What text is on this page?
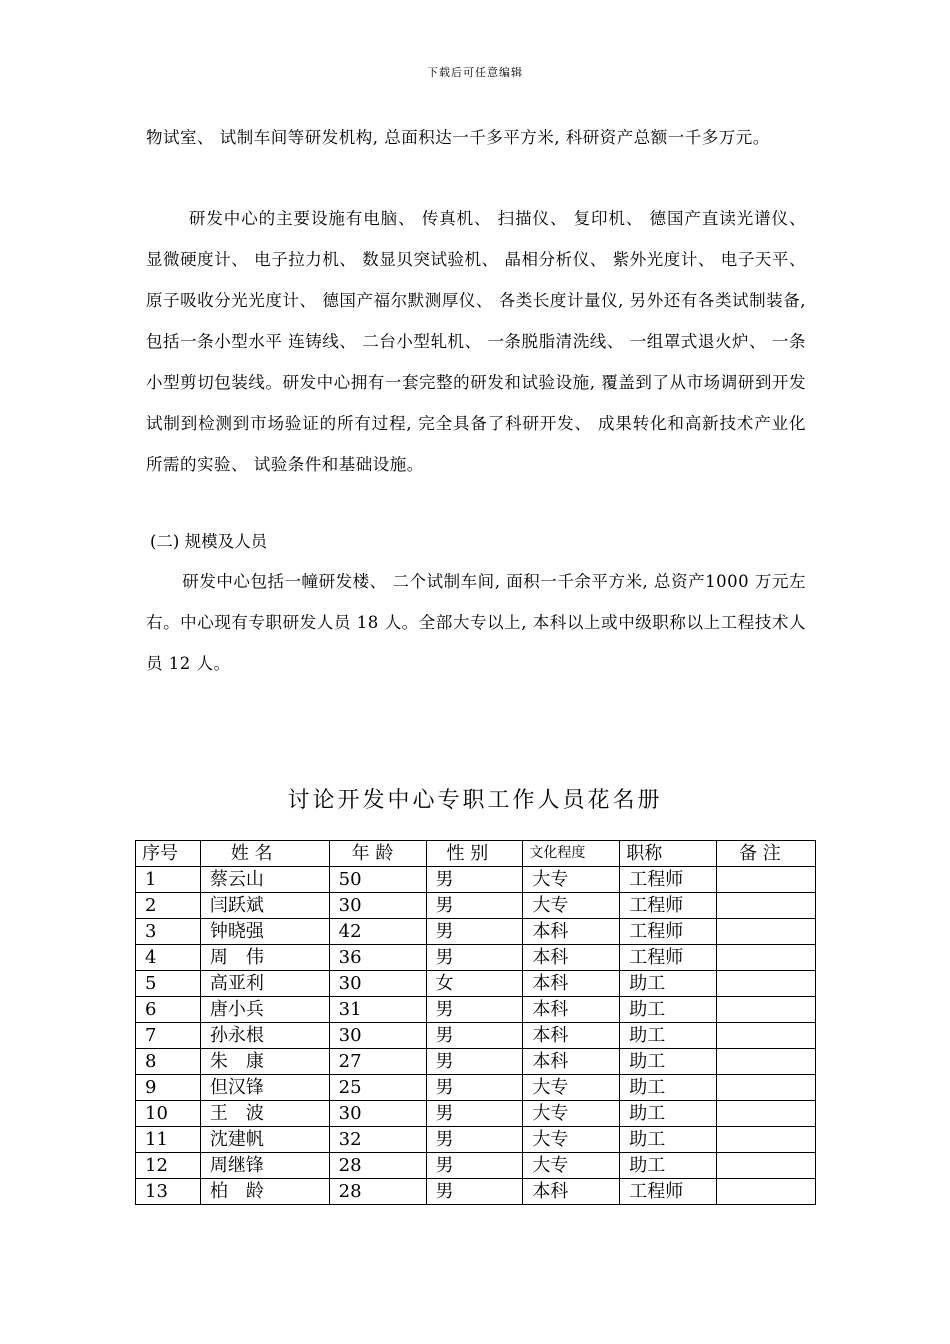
下载后可任意编辑
物试室、 试制车间等研发机构, 总面积达一千多平方米, 科研资产总额一千多万元。
研发中心的主要设施有电脑、 传真机、 扫描仪、 复印机、 德国产直读光谱仪、 显微硬度计、 电子拉力机、 数显贝突试验机、 晶相分析仪、 紫外光度计、 电子天平、 原子吸收分光光度计、 德国产福尔默测厚仪、 各类长度计量仪, 另外还有各类试制装备, 包括一条小型水平 连铸线、 二台小型轧机、 一条脱脂清洗线、 一组罩式退火炉、 一条小型剪切包装线。研发中心拥有一套完整的研发和试验设施, 覆盖到了从市场调研到开发试制到检测到市场验证的所有过程, 完全具备了科研开发、 成果转化和高新技术产业化所需的实验、 试验条件和基础设施。
(二) 规模及人员
研发中心包括一幢研发楼、 二个试制车间, 面积一千余平方米, 总资产1000 万元左右。中心现有专职研发人员 18 人。全部大专以上, 本科以上或中级职称以上工程技术人员 12 人。
讨论开发中心专职工作人员花名册
序号	姓 名	年 龄	性 别	文化程度	职称	备 注
1	蔡云山	50	男	大专	工程师	
2	闫跃斌	30	男	大专	工程师	
3	钟晓强	42	男	本科	工程师	
4	周　伟	36	男	本科	工程师	
5	高亚利	30	女	本科	助工	
6	唐小兵	31	男	本科	助工	
7	孙永根	30	男	本科	助工	
8	朱　康	27	男	本科	助工	
9	但汉锋	25	男	大专	助工	
10	王　波	30	男	大专	助工	
11	沈建帆	32	男	大专	助工	
12	周继锋	28	男	大专	助工	
13	柏　龄	28	男	本科	工程师	
